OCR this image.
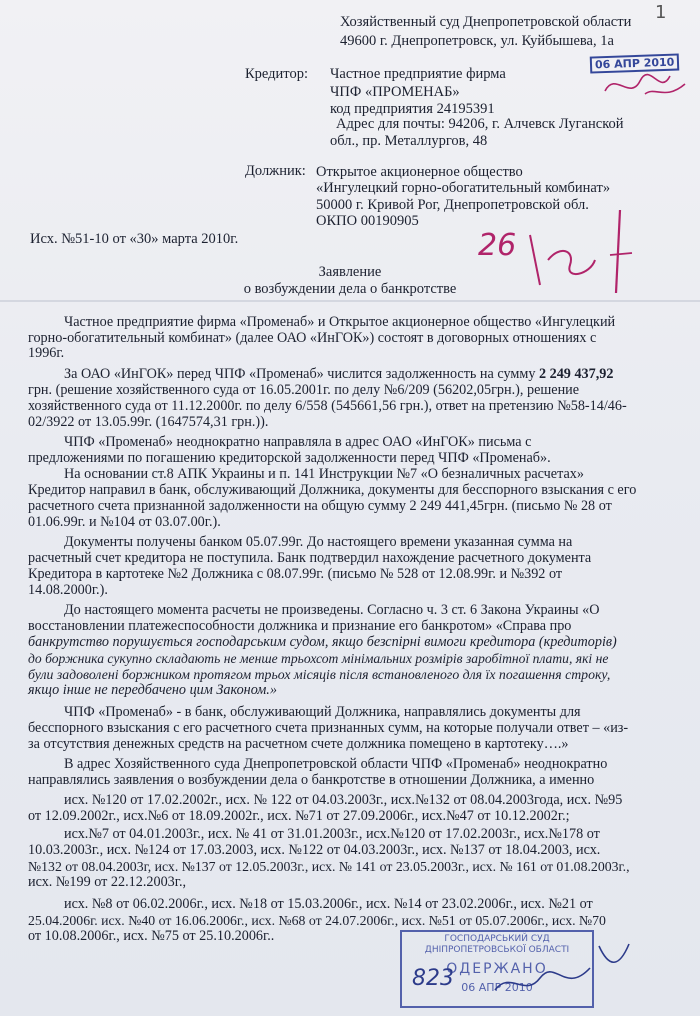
1
Хозяйственный суд Днепропетровской области
49600 г. Днепропетровск, ул. Куйбышева, 1а
06 АПР 2010
Кредитор: Частное предприятие фирма
ЧПФ «ПРОМЕНАБ»
код предприятия 24195391
Адрес для почты: 94206, г. Алчевск Луганской
обл., пр. Металлургов, 48
Должник: Открытое акционерное общество
«Ингулецкий горно-обогатительный комбинат»
50000 г. Кривой Рог, Днепропетровской обл.
ОКПО 00190905
26
Исх. №51-10 от «30» марта 2010г.
Заявление
о возбуждении дела о банкротстве
Частное предприятие фирма «Променаб» и Открытое акционерное общество «Ингулецкий
горно-обогатительный комбинат» (далее ОАО «ИнГОК») состоят в договорных отношениях с
1996г.
За ОАО «ИнГОК» перед ЧПФ «Променаб» числится задолженность на сумму 2 249 437,92
грн. (решение хозяйственного суда от 16.05.2001г. по делу №6/209 (56202,05грн.), решение
хозяйственного суда от 11.12.2000г. по делу 6/558 (545661,56 грн.), ответ на претензию №58-14/46-
02/3922 от 13.05.99г. (1647574,31 грн.)).
ЧПФ «Променаб» неоднократно направляла в адрес ОАО «ИнГОК» письма с
предложениями по погашению кредиторской задолженности перед ЧПФ «Променаб».
На основании ст.8 АПК Украины и п. 141 Инструкции №7 «О безналичных расчетах»
Кредитор направил в банк, обслуживающий Должника, документы для бесспорного взыскания с его
расчетного счета признанной задолженности на общую сумму 2 249 441,45грн. (письмо № 28 от
01.06.99г. и №104 от 03.07.00г.).
Документы получены банком 05.07.99г. До настоящего времени указанная сумма на
расчетный счет кредитора не поступила. Банк подтвердил нахождение расчетного документа
Кредитора в картотеке №2 Должника с 08.07.99г. (письмо № 528 от 12.08.99г. и №392 от
14.08.2000г.).
До настоящего момента расчеты не произведены. Согласно ч. 3 ст. 6 Закона Украины «О
восстановлении платежеспособности должника и признание его банкротом» «Справа про
банкрутство порушується господарським судом, якщо безспірні вимоги кредитора (кредиторів)
до боржника сукупно складають не менше трьохсот мінімальних розмірів заробітної плати, які не
були задоволені боржником протягом трьох місяців після встановленого для їх погашення строку,
якщо інше не передбачено цим Законом.»
ЧПФ «Променаб» - в банк, обслуживающий Должника, направлялись документы для
бесспорного взыскания с его расчетного счета признанных сумм, на которые получали ответ – «из-
за отсутствия денежных средств на расчетном счете должника помещено в картотеку….»
В адрес Хозяйственного суда Днепропетровской области ЧПФ «Променаб» неоднократно
направлялись заявления о возбуждении дела о банкротстве в отношении Должника, а именно
исх. №120 от 17.02.2002г., исх. № 122 от 04.03.2003г., исх.№132 от 08.04.2003года, исх. №95
от 12.09.2002г., исх.№6 от 18.09.2002г., исх. №71 от 27.09.2006г., исх.№47 от 10.12.2002г.;
исх.№7 от 04.01.2003г., исх. № 41 от 31.01.2003г., исх.№120 от 17.02.2003г., исх.№178 от
10.03.2003г., исх. №124 от 17.03.2003, исх. №122 от 04.03.2003г., исх. №137 от 18.04.2003, исх.
№132 от 08.04.2003г, исх. №137 от 12.05.2003г., исх. № 141 от 23.05.2003г., исх. № 161 от 01.08.2003г.,
исх. №199 от 22.12.2003г.,
исх. №8 от 06.02.2006г., исх. №18 от 15.03.2006г., исх. №14 от 23.02.2006г., исх. №21 от
25.04.2006г. исх. №40 от 16.06.2006г., исх. №68 от 24.07.2006г., исх. №51 от 05.07.2006г., исх. №70
от 10.08.2006г., исх. №75 от 25.10.2006г..	ГОСПОДАРСЬКИЙ СУД
ДНІПРОПЕТРОВСЬКОЇ ОБЛАСТІ
ОДЕРЖАНО
06 АПР 2010
823
